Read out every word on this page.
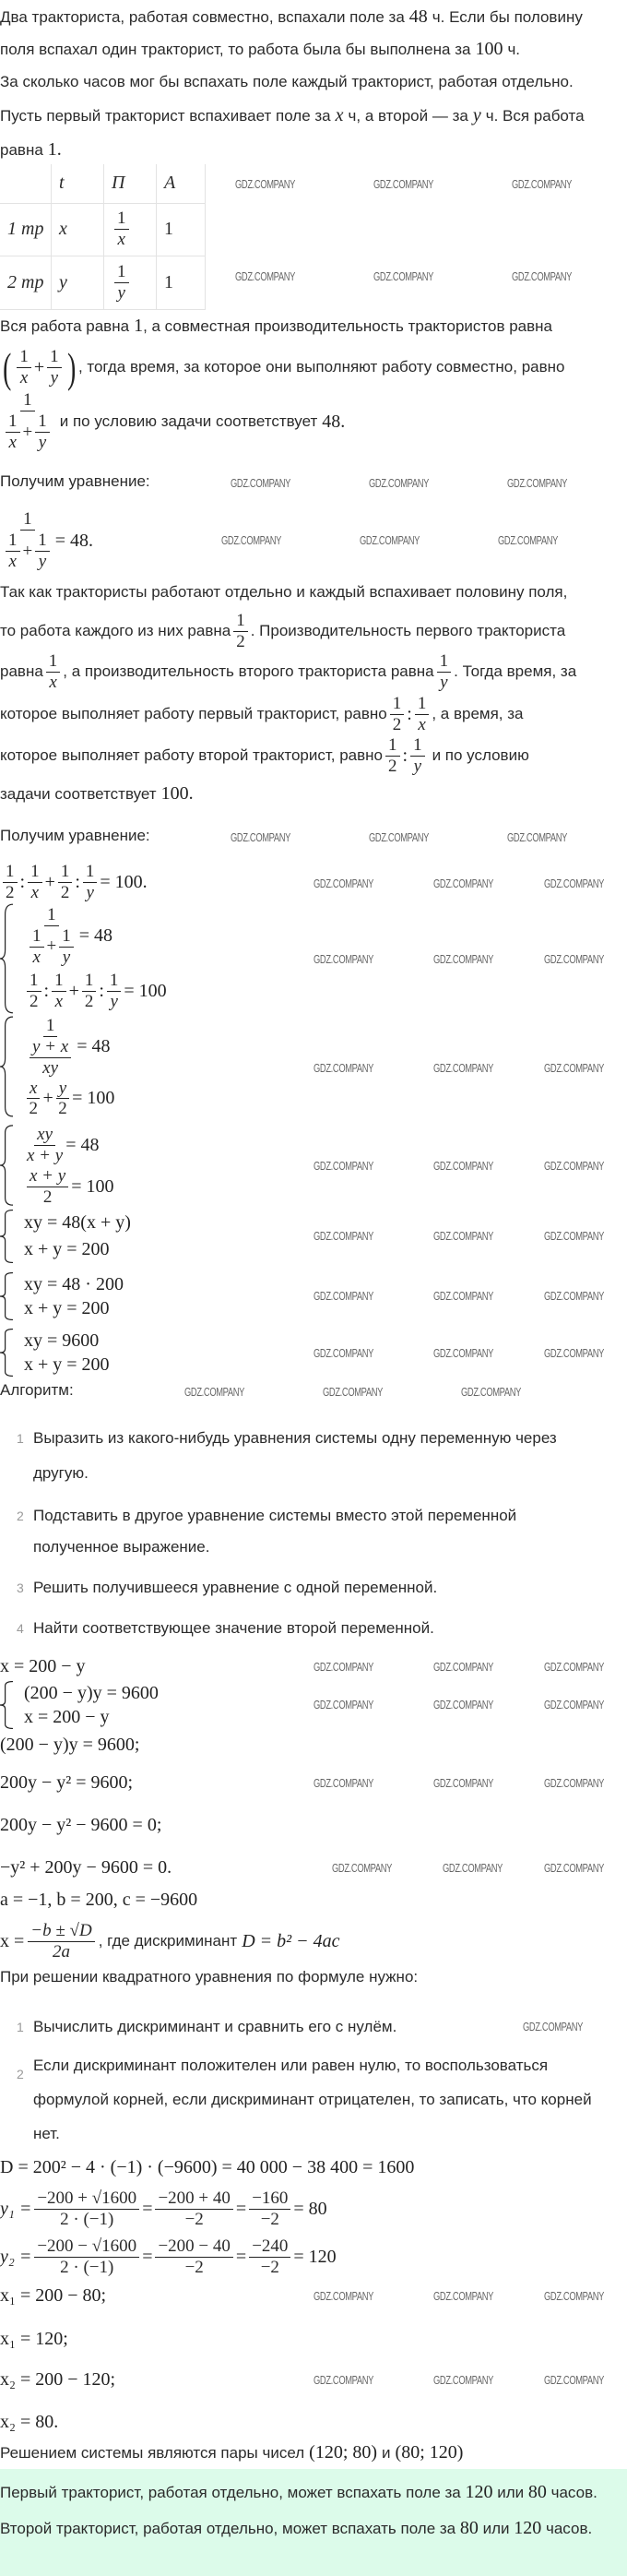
Два тракториста, работая совместно, вспахали поле за 48 ч. Если бы половину
поля вспахал один тракторист, то работа была бы выполнена за 100 ч.
За сколько часов мог бы вспахать поле каждый тракторист, работая отдельно.
Пусть первый тракторист вспахивает поле за x ч, а второй — за y ч. Вся работа
равна 1.
	t	П	A
1 тр	x	$\frac{1}{x}$	1
2 тр	y	$\frac{1}{y}$	1
Вся работа равна 1 , а совместная производительность трактористов равна
( $\frac{1}{x} + \frac{1}{y}$ ) , тогда время, за которое они выполняют работу совместно, равно
$\frac{1}{\frac{1}{x} + \frac{1}{y}}$ и по условию задачи соответствует 48.
Получим уравнение:
$\frac{1}{\frac{1}{x} + \frac{1}{y}} = 48$.
Так как трактористы работают отдельно и каждый вспахивает половину поля,
то работа каждого из них равна $\frac{1}{2}$ . Производительность первого тракториста
равна $\frac{1}{x}$ , а производительность второго тракториста равна $\frac{1}{y}$ . Тогда время, за
которое выполняет работу первый тракторист, равно $\frac{1}{2}$ : $\frac{1}{x}$ , а время, за
которое выполняет работу второй тракторист, равно $\frac{1}{2}$ : $\frac{1}{y}$ и по условию
задачи соответствует 100.
Получим уравнение:
$\frac{1}{2}$ : $\frac{1}{x} + \frac{1}{2}$ : $\frac{1}{y} = 100$.
$\frac{1}{\frac{1}{x} + \frac{1}{y}} = 48$
$\frac{1}{2}$ : $\frac{1}{x} + \frac{1}{2}$ : $\frac{1}{y} = 100$
1
$\frac{y + x}{xy} = 48$
$\frac{x}{2} + \frac{y}{2} = 100$
$\frac{xy}{x + y} = 48$
$\frac{x + y}{2} = 100$
xy = 48(x + y)
x + y = 200
xy = 48 · 200
x + y = 200
xy = 9600
x + y = 200
Алгоритм:
1 Выразить из какого-нибудь уравнения системы одну переменную через другую.
2 Подставить в другое уравнение системы вместо этой переменной полученное выражение.
3 Решить получившееся уравнение с одной переменной.
4 Найти соответствующее значение второй переменной.
x = 200 − y
(200 − y)y = 9600
x = 200 − y
(200 − y)y = 9600;
200y − y² = 9600;
200y − y² − 9600 = 0;
−y² + 200y − 9600 = 0.
a = −1, b = 200, c = −9600
$x = \frac{-b \pm √D}{2a}$ , где дискриминант D = b² − 4ac
При решении квадратного уравнения по формуле нужно:
1 Вычислить дискриминант и сравнить его с нулём.
2 Если дискриминант положителен или равен нулю, то воспользоваться формулой корней, если дискриминант отрицателен, то записать, что корней нет.
D = 200² − 4 · (−1) · (−9600) = 40 000 − 38 400 = 1600
$y_1 = \frac{-200 + √1600}{2 \cdot (-1)} = \frac{-200 + 40}{-2} = \frac{-160}{-2} = 80$
$y_2 = \frac{-200 - √1600}{2 \cdot (-1)} = \frac{-200 - 40}{-2} = \frac{-240}{-2} = 120$
x₁ = 200 − 80;
x₁ = 120;
x₂ = 200 − 120;
x₂ = 80.
Решением системы являются пары чисел (120; 80) и (80; 120)
Первый тракторист, работая отдельно, может вспахать поле за 120 или 80 часов. Второй тракторист, работая отдельно, может вспахать поле за 80 или 120 часов.
GDZ.COMPANY	GDZ.COMPANY	GDZ.COMPANY
GDZ.COMPANY	GDZ.COMPANY	GDZ.COMPANY
GDZ.COMPANY	GDZ.COMPANY	GDZ.COMPANY
GDZ.COMPANY	GDZ.COMPANY	GDZ.COMPANY
GDZ.COMPANY	GDZ.COMPANY	GDZ.COMPANY
GDZ.COMPANY	GDZ.COMPANY	GDZ.COMPANY
GDZ.COMPANY	GDZ.COMPANY	GDZ.COMPANY
GDZ.COMPANY	GDZ.COMPANY	GDZ.COMPANY
GDZ.COMPANY	GDZ.COMPANY	GDZ.COMPANY
GDZ.COMPANY	GDZ.COMPANY	GDZ.COMPANY
GDZ.COMPANY	GDZ.COMPANY	GDZ.COMPANY
GDZ.COMPANY	GDZ.COMPANY	GDZ.COMPANY
GDZ.COMPANY	GDZ.COMPANY	GDZ.COMPANY
GDZ.COMPANY	GDZ.COMPANY	GDZ.COMPANY
GDZ.COMPANY	GDZ.COMPANY	GDZ.COMPANY
GDZ.COMPANY	GDZ.COMPANY	GDZ.COMPANY
GDZ.COMPANY	GDZ.COMPANY	GDZ.COMPANY
GDZ.COMPANY
GDZ.COMPANY	GDZ.COMPANY	GDZ.COMPANY
GDZ.COMPANY	GDZ.COMPANY	GDZ.COMPANY
